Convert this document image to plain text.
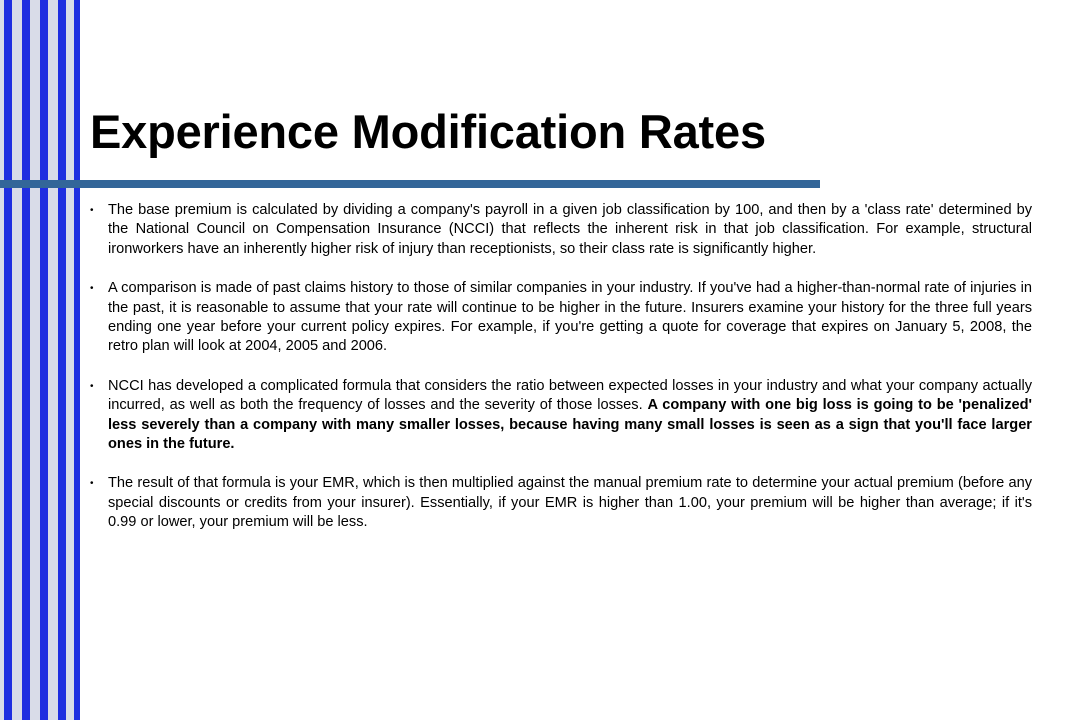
Experience Modification Rates
• The base premium is calculated by dividing a company's payroll in a given job classification by 100, and then by a 'class rate' determined by the National Council on Compensation Insurance (NCCI) that reflects the inherent risk in that job classification. For example, structural ironworkers have an inherently higher risk of injury than receptionists, so their class rate is significantly higher.
• A comparison is made of past claims history to those of similar companies in your industry. If you've had a higher-than-normal rate of injuries in the past, it is reasonable to assume that your rate will continue to be higher in the future. Insurers examine your history for the three full years ending one year before your current policy expires. For example, if you're getting a quote for coverage that expires on January 5, 2008, the retro plan will look at 2004, 2005 and 2006.
• NCCI has developed a complicated formula that considers the ratio between expected losses in your industry and what your company actually incurred, as well as both the frequency of losses and the severity of those losses. A company with one big loss is going to be 'penalized' less severely than a company with many smaller losses, because having many small losses is seen as a sign that you'll face larger ones in the future.
• The result of that formula is your EMR, which is then multiplied against the manual premium rate to determine your actual premium (before any special discounts or credits from your insurer). Essentially, if your EMR is higher than 1.00, your premium will be higher than average; if it's 0.99 or lower, your premium will be less.
